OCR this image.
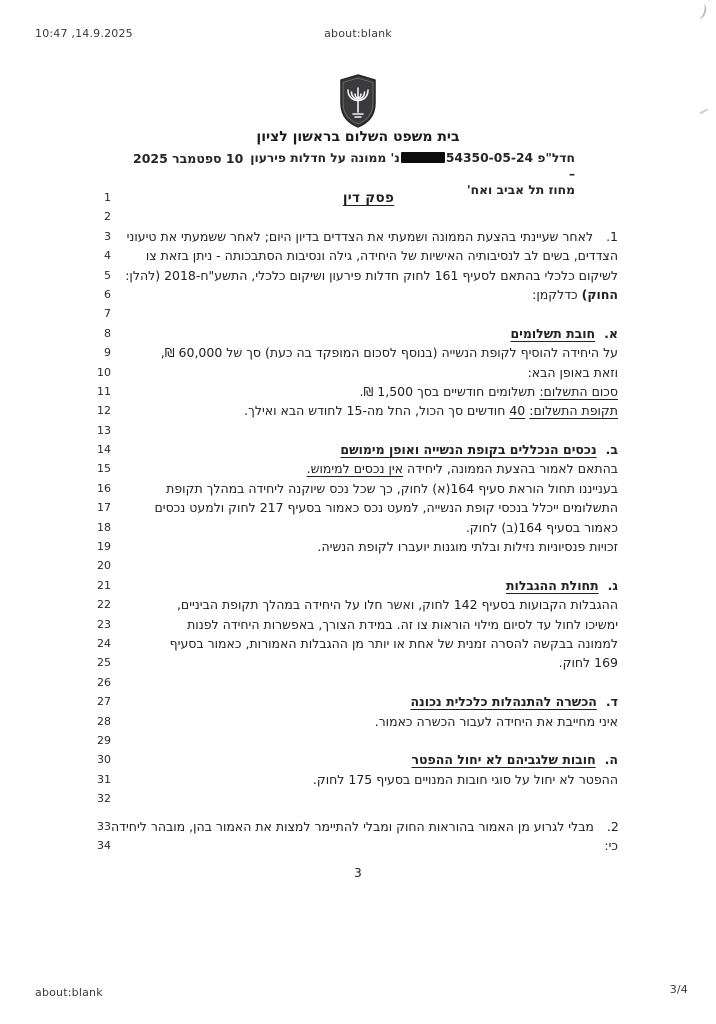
10:47 ,14.9.2025	about:blank
בית משפט השלום בראשון לציון
10 ספטמבר 2025	חדל"פ 54350-05-24נ' ממונה על חדלות פירעון –
מחוז תל אביב ואח'
1	פסק דין
2
3	1.לאחר שעיינתי בהצעת הממונה ושמעתי את הצדדים בדיון היום; לאחר ששמעתי את טיעוני
4	הצדדים, בשים לב לנסיבותיה האישיות של היחידה, גילה ונסיבות הסתבכותה - ניתן בזאת צו
5	לשיקום כלכלי בהתאם לסעיף 161 לחוק חדלות פירעון ושיקום כלכלי, התשע"ח-2018 (להלן:
6	החוק) כדלקמן:
7
8	א.חובת תשלומים
9	על היחידה להוסיף לקופת הנשייה (בנוסף לסכום המופקד בה כעת) סך של 60,000 ₪,
10	וזאת באופן הבא:
11	סכום התשלום: תשלומים חודשיים בסך 1,500 ₪.
12	תקופת התשלום: 40 חודשים סך הכול, החל מה-15 לחודש הבא ואילך.
13
14	ב.נכסים הנכללים בקופת הנשייה ואופן מימושם
15	בהתאם לאמור בהצעת הממונה, ליחידה אין נכסים למימוש.
16	בענייננו תחול הוראת סעיף 164(א) לחוק, כך שכל נכס שיוקנה ליחידה במהלך תקופת
17	התשלומים ייכלל בנכסי קופת הנשייה, למעט נכס כאמור בסעיף 217 לחוק ולמעט נכסים
18	כאמור בסעיף 164(ב) לחוק.
19	זכויות פנסיוניות נזילות ובלתי מוגנות יועברו לקופת הנשיה.
20
21	ג.תחולת ההגבלות
22	ההגבלות הקבועות בסעיף 142 לחוק, ואשר חלו על היחידה במהלך תקופת הביניים,
23	ימשיכו לחול עד לסיום מילוי הוראות צו זה. במידת הצורך, באפשרות היחידה לפנות
24	לממונה בבקשה להסרה זמנית של אחת או יותר מן ההגבלות האמורות, כאמור בסעיף
25	169 לחוק.
26
27	ד.הכשרה להתנהלות כלכלית נכונה
28	איני מחייבת את היחידה לעבור הכשרה כאמור.
29
30	ה.חובות שלגביהם לא יחול ההפטר
31	ההפטר לא יחול על סוגי חובות המנויים בסעיף 175 לחוק.
32
33	2.מבלי לגרוע מן האמור בהוראות החוק ומבלי להתיימר למצות את האמור בהן, מובהר ליחידה
34	כי:
3
about:blank	3/4
